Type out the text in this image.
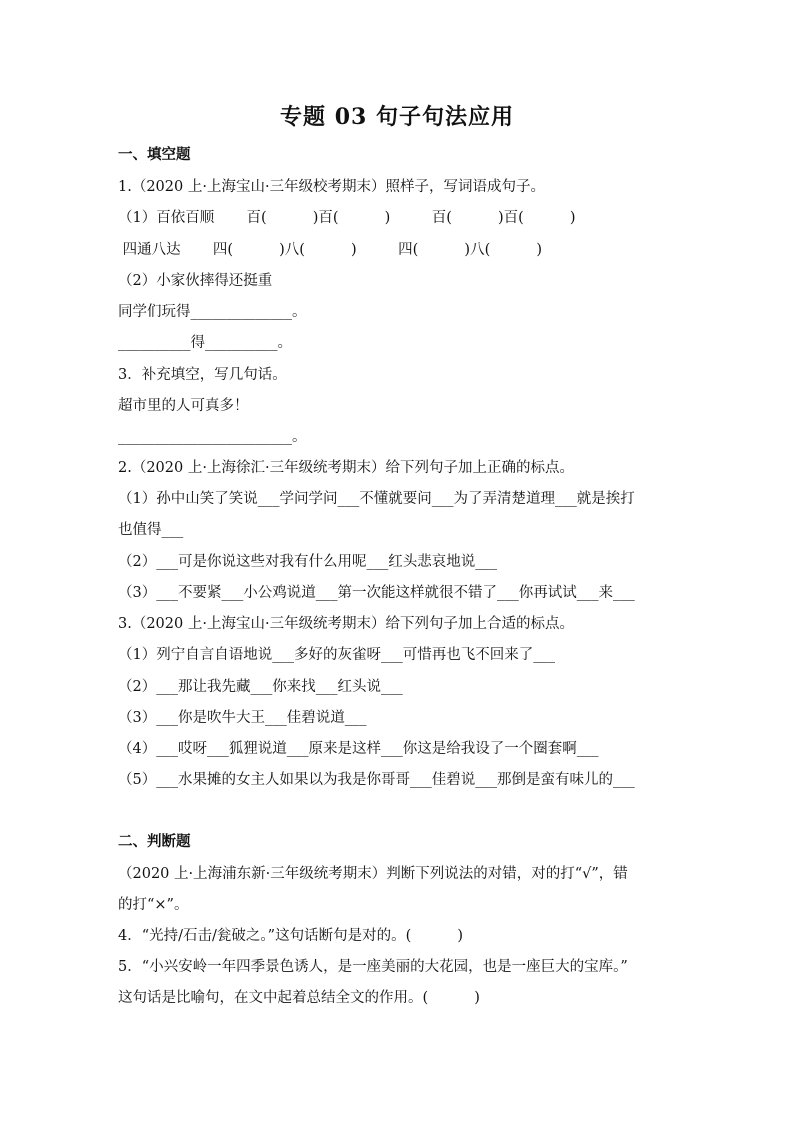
专题 03 句子句法应用
一、填空题
1.（2020 上·上海宝山·三年级校考期末）照样子，写词语成句子。
（1）百依百顺       百(          )百(          )         百(          )百(          )
四通八达       四(          )八(          )         四(          )八(          )
（2）小家伙摔得还挺重
同学们玩得______________。
__________得__________。
3．补充填空，写几句话。
超市里的人可真多！
________________________。
2.（2020 上·上海徐汇·三年级统考期末）给下列句子加上正确的标点。
（1）孙中山笑了笑说___学问学问___不懂就要问___为了弄清楚道理___就是挨打
也值得___
（2）___可是你说这些对我有什么用呢___红头悲哀地说___
（3）___不要紧___小公鸡说道___第一次能这样就很不错了___你再试试___来___
3.（2020 上·上海宝山·三年级统考期末）给下列句子加上合适的标点。
（1）列宁自言自语地说___多好的灰雀呀___可惜再也飞不回来了___
（2）___那让我先藏___你来找___红头说___
（3）___你是吹牛大王___佳碧说道___
（4）___哎呀___狐狸说道___原来是这样___你这是给我设了一个圈套啊___
（5）___水果摊的女主人如果以为我是你哥哥___佳碧说___那倒是蛮有味儿的___
二、判断题
（2020 上·上海浦东新·三年级统考期末）判断下列说法的对错，对的打“√”，错
的打“×”。
4．“光持/石击/瓮破之。”这句话断句是对的。(          )
5．“小兴安岭一年四季景色诱人，是一座美丽的大花园，也是一座巨大的宝库。”
这句话是比喻句，在文中起着总结全文的作用。(          )
